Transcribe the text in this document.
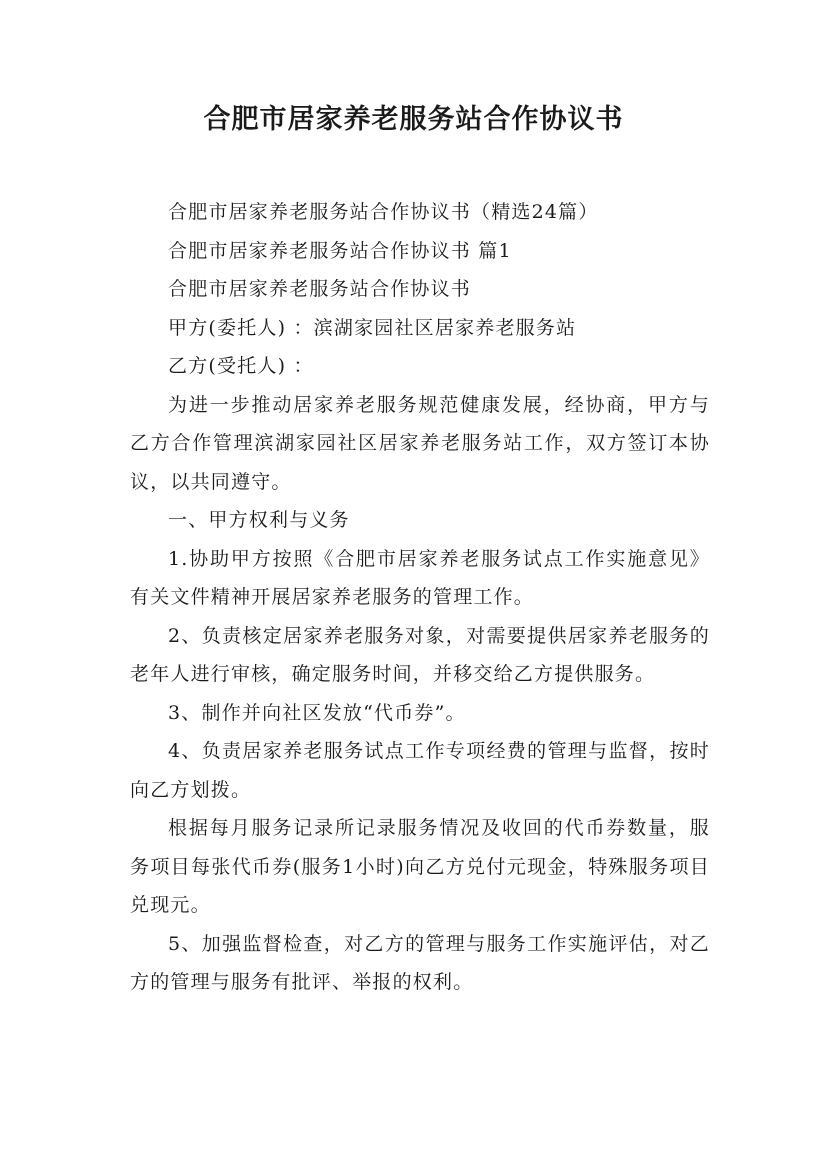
合肥市居家养老服务站合作协议书

合肥市居家养老服务站合作协议书（精选24篇）

合肥市居家养老服务站合作协议书 篇1

合肥市居家养老服务站合作协议书

甲方(委托人) ：滨湖家园社区居家养老服务站

乙方(受托人) ：

为进一步推动居家养老服务规范健康发展，经协商，甲方与乙方合作管理滨湖家园社区居家养老服务站工作，双方签订本协议，以共同遵守。

一、甲方权利与义务

1.协助甲方按照《合肥市居家养老服务试点工作实施意见》有关文件精神开展居家养老服务的管理工作。

2、负责核定居家养老服务对象，对需要提供居家养老服务的老年人进行审核，确定服务时间，并移交给乙方提供服务。

3、制作并向社区发放“代币券”。

4、负责居家养老服务试点工作专项经费的管理与监督，按时向乙方划拨。

根据每月服务记录所记录服务情况及收回的代币券数量，服务项目每张代币券(服务1小时)向乙方兑付元现金，特殊服务项目兑现元。

5、加强监督检查，对乙方的管理与服务工作实施评估，对乙方的管理与服务有批评、举报的权利。
